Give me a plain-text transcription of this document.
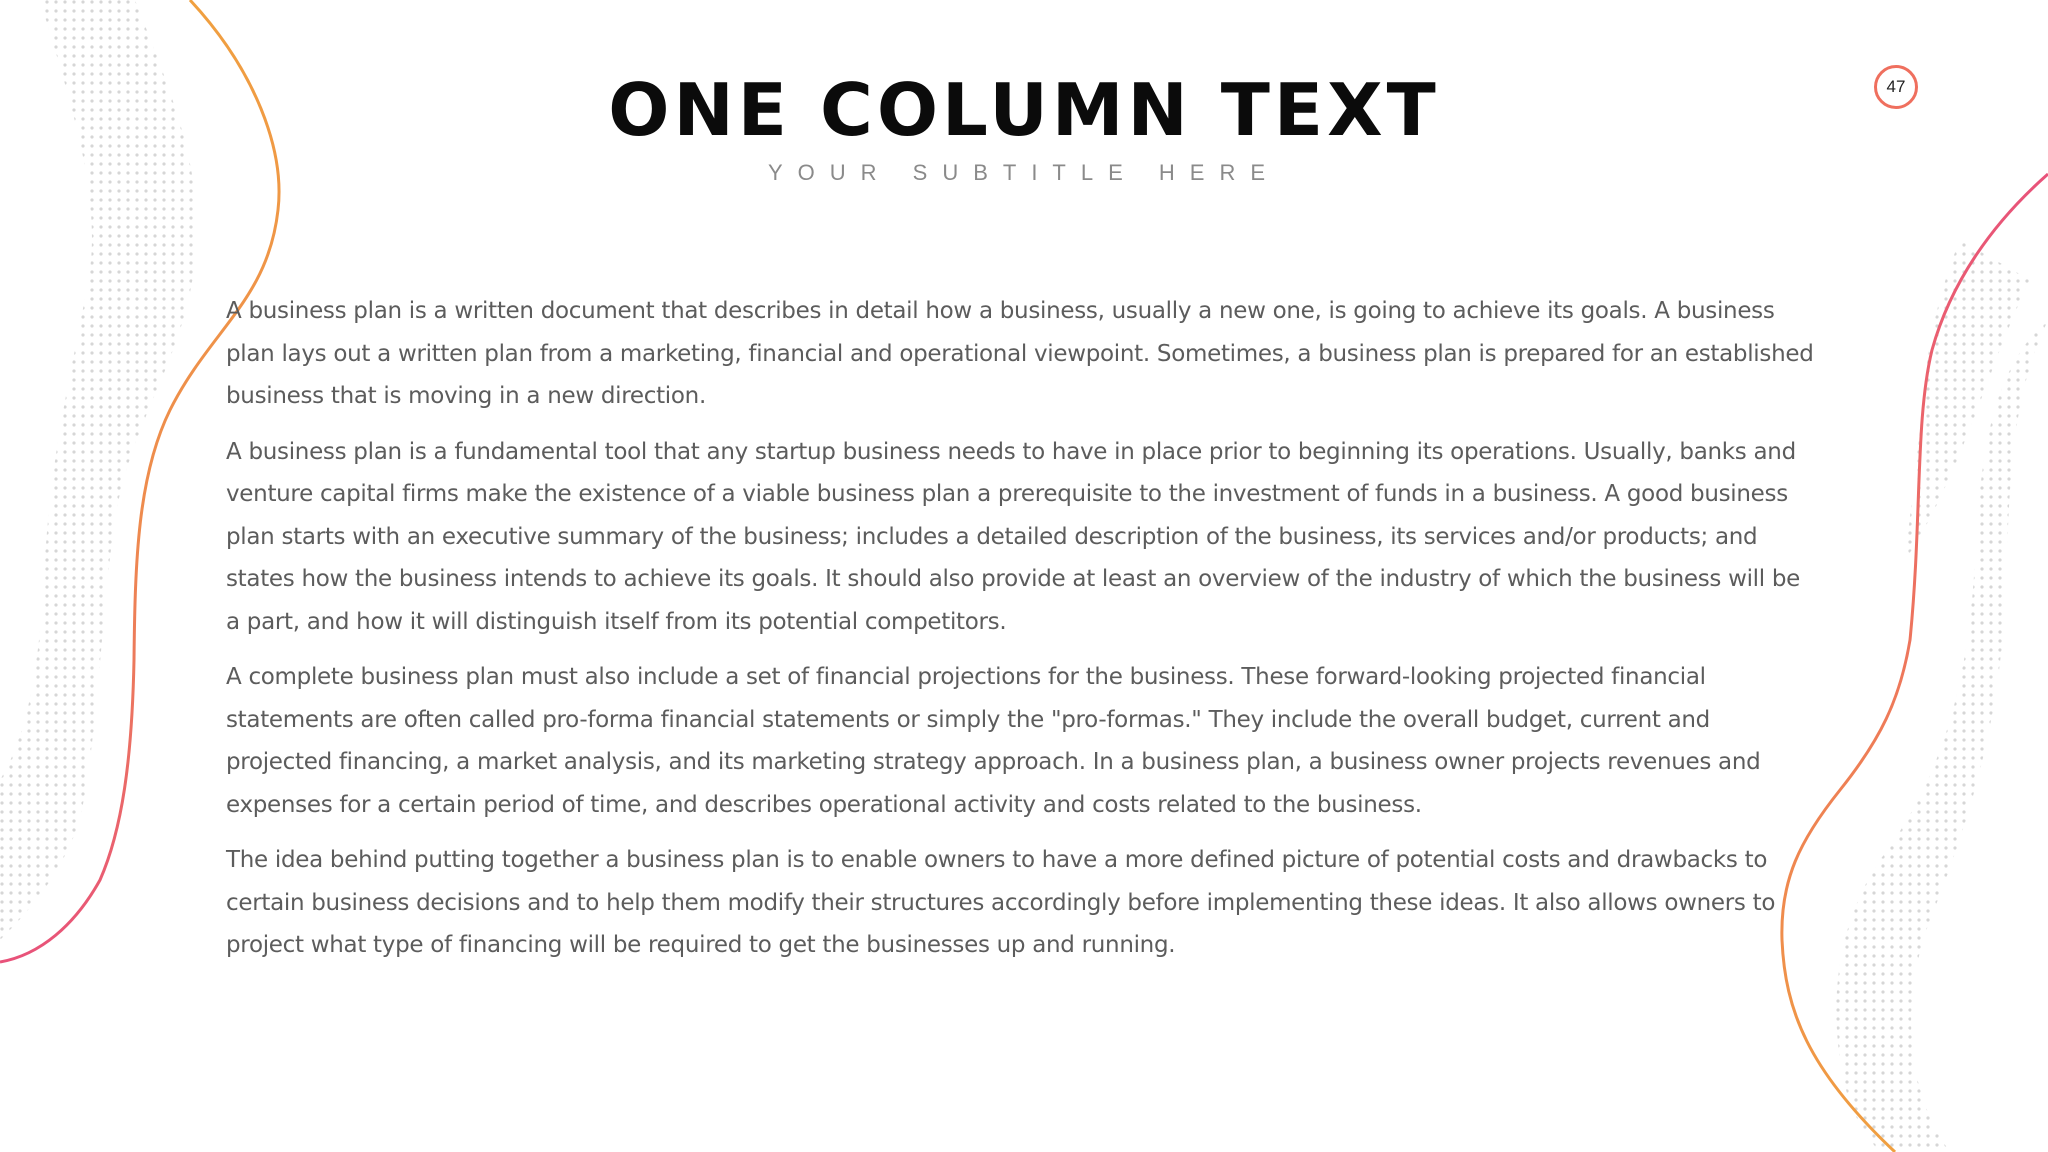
ONE COLUMN TEXT
YOUR SUBTITLE HERE
47

A business plan is a written document that describes in detail how a business, usually a new one, is going to achieve its goals. A business plan lays out a written plan from a marketing, financial and operational viewpoint. Sometimes, a business plan is prepared for an established business that is moving in a new direction.

A business plan is a fundamental tool that any startup business needs to have in place prior to beginning its operations. Usually, banks and venture capital firms make the existence of a viable business plan a prerequisite to the investment of funds in a business. A good business plan starts with an executive summary of the business; includes a detailed description of the business, its services and/or products; and states how the business intends to achieve its goals. It should also provide at least an overview of the industry of which the business will be a part, and how it will distinguish itself from its potential competitors.

A complete business plan must also include a set of financial projections for the business. These forward-looking projected financial statements are often called pro-forma financial statements or simply the "pro-formas." They include the overall budget, current and projected financing, a market analysis, and its marketing strategy approach. In a business plan, a business owner projects revenues and expenses for a certain period of time, and describes operational activity and costs related to the business.

The idea behind putting together a business plan is to enable owners to have a more defined picture of potential costs and drawbacks to certain business decisions and to help them modify their structures accordingly before implementing these ideas. It also allows owners to project what type of financing will be required to get the businesses up and running.
